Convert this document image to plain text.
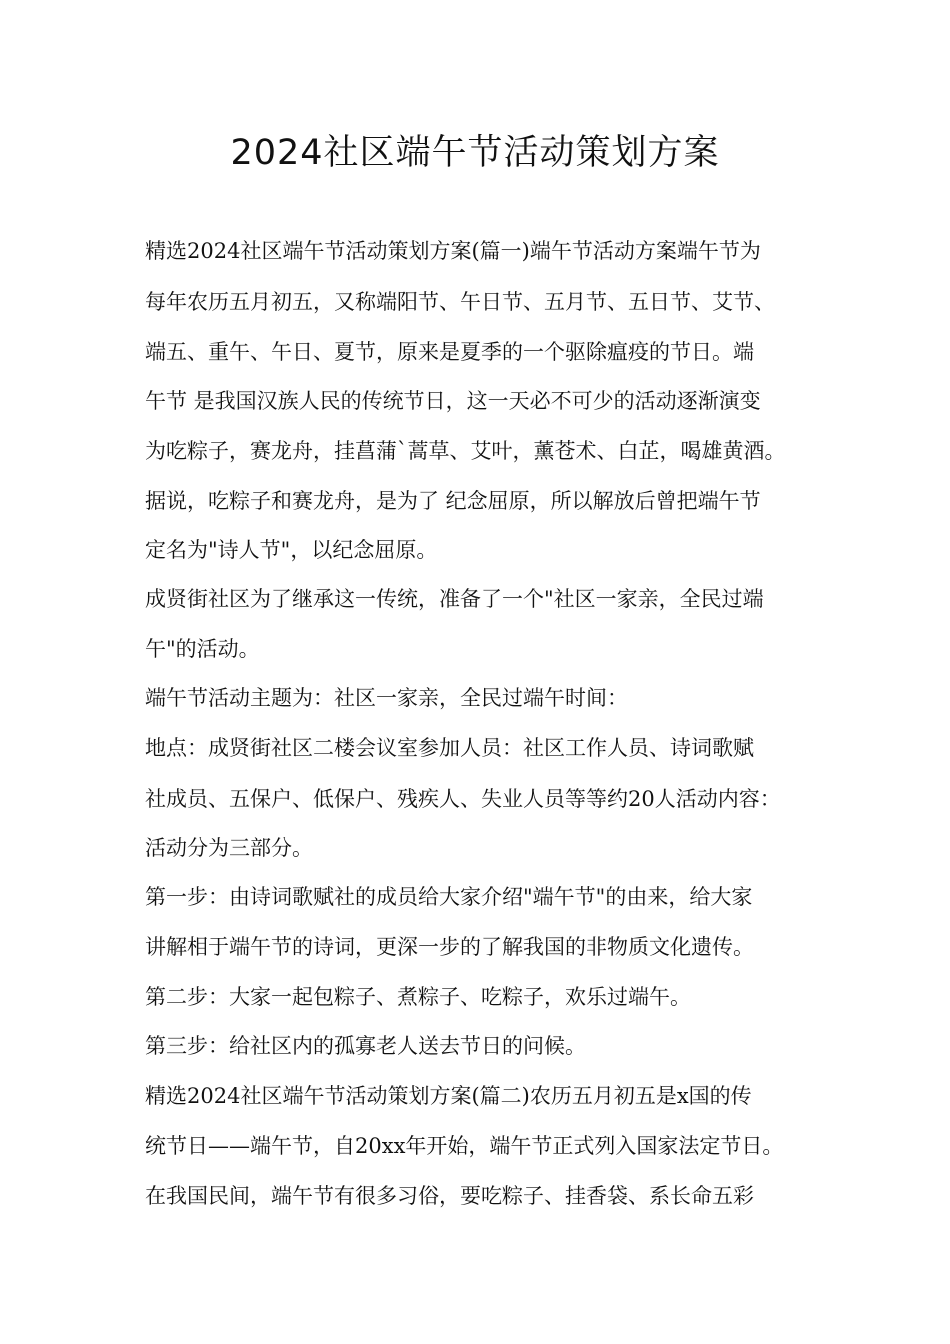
2024社区端午节活动策划方案
精选2024社区端午节活动策划方案(篇一)端午节活动方案端午节为
每年农历五月初五，又称端阳节、午日节、五月节、五日节、艾节、
端五、重午、午日、夏节，原来是夏季的一个驱除瘟疫的节日。端
午节 是我国汉族人民的传统节日，这一天必不可少的活动逐渐演变
为吃粽子，赛龙舟，挂菖蒲`蒿草、艾叶，薰苍术、白芷，喝雄黄酒。
据说，吃粽子和赛龙舟，是为了 纪念屈原，所以解放后曾把端午节
定名为"诗人节"，以纪念屈原。
成贤街社区为了继承这一传统，准备了一个"社区一家亲，全民过端
午"的活动。
端午节活动主题为：社区一家亲，全民过端午时间：
地点：成贤街社区二楼会议室参加人员：社区工作人员、诗词歌赋
社成员、五保户、低保户、残疾人、失业人员等等约20人活动内容：
活动分为三部分。
第一步：由诗词歌赋社的成员给大家介绍"端午节"的由来，给大家
讲解相于端午节的诗词，更深一步的了解我国的非物质文化遗传。
第二步：大家一起包粽子、煮粽子、吃粽子，欢乐过端午。
第三步：给社区内的孤寡老人送去节日的问候。
精选2024社区端午节活动策划方案(篇二)农历五月初五是x国的传
统节日——端午节，自20xx年开始，端午节正式列入国家法定节日。
在我国民间，端午节有很多习俗，要吃粽子、挂香袋、系长命五彩
